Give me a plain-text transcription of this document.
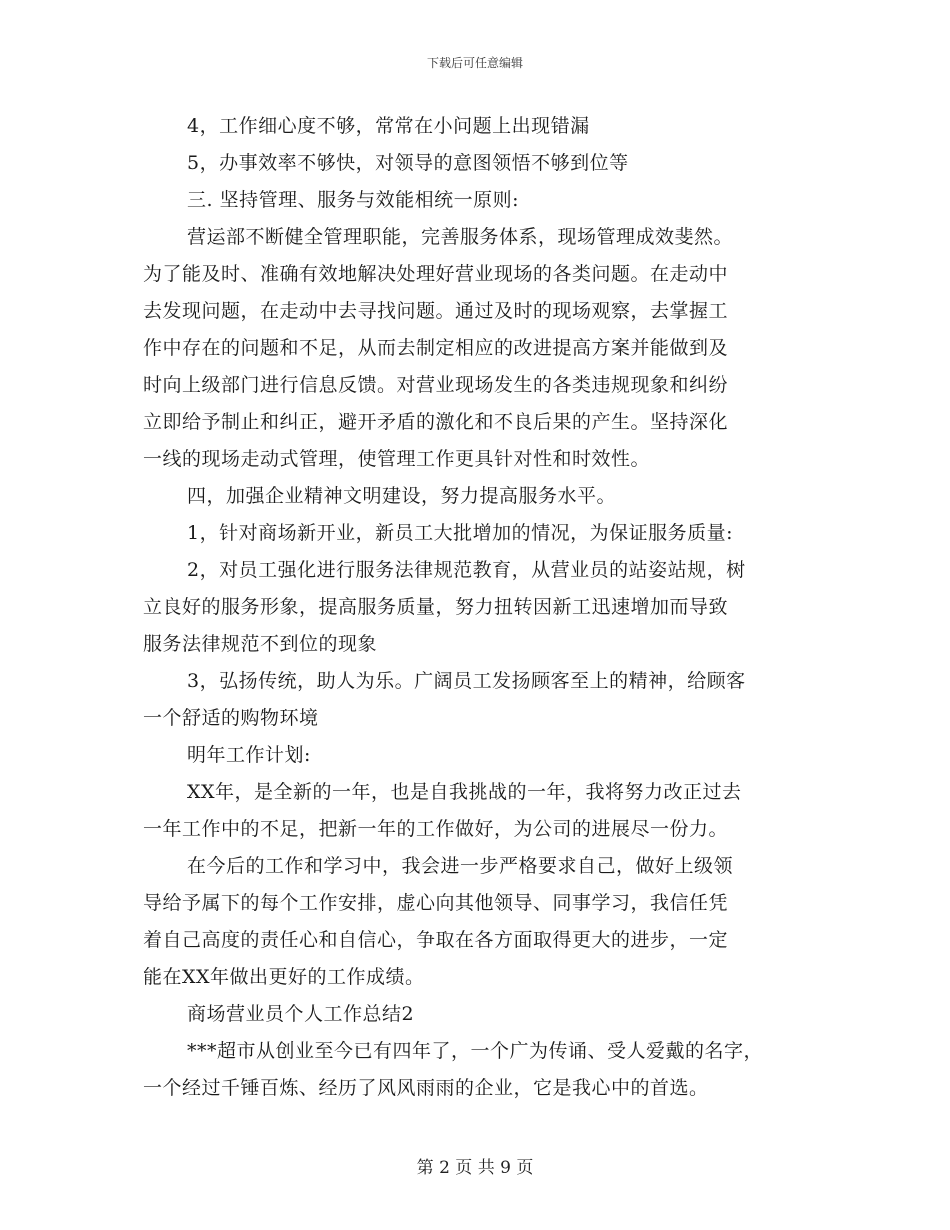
下载后可任意编辑
4，工作细心度不够，常常在小问题上出现错漏
5，办事效率不够快，对领导的意图领悟不够到位等
三. 坚持管理、服务与效能相统一原则:
营运部不断健全管理职能，完善服务体系，现场管理成效斐然。
为了能及时、准确有效地解决处理好营业现场的各类问题。在走动中
去发现问题，在走动中去寻找问题。通过及时的现场观察，去掌握工
作中存在的问题和不足，从而去制定相应的改进提高方案并能做到及
时向上级部门进行信息反馈。对营业现场发生的各类违规现象和纠纷
立即给予制止和纠正，避开矛盾的激化和不良后果的产生。坚持深化
一线的现场走动式管理，使管理工作更具针对性和时效性。
四，加强企业精神文明建设，努力提高服务水平。
1，针对商场新开业，新员工大批增加的情况，为保证服务质量:
2，对员工强化进行服务法律规范教育，从营业员的站姿站规，树
立良好的服务形象，提高服务质量，努力扭转因新工迅速增加而导致
服务法律规范不到位的现象
3，弘扬传统，助人为乐。广阔员工发扬顾客至上的精神，给顾客
一个舒适的购物环境
明年工作计划:
XX年，是全新的一年，也是自我挑战的一年，我将努力改正过去
一年工作中的不足，把新一年的工作做好，为公司的进展尽一份力。
在今后的工作和学习中，我会进一步严格要求自己，做好上级领
导给予属下的每个工作安排，虚心向其他领导、同事学习，我信任凭
着自己高度的责任心和自信心，争取在各方面取得更大的进步，一定
能在XX年做出更好的工作成绩。
商场营业员个人工作总结2
***超市从创业至今已有四年了，一个广为传诵、受人爱戴的名字，
一个经过千锤百炼、经历了风风雨雨的企业，它是我心中的首选。
第 2 页 共 9 页
